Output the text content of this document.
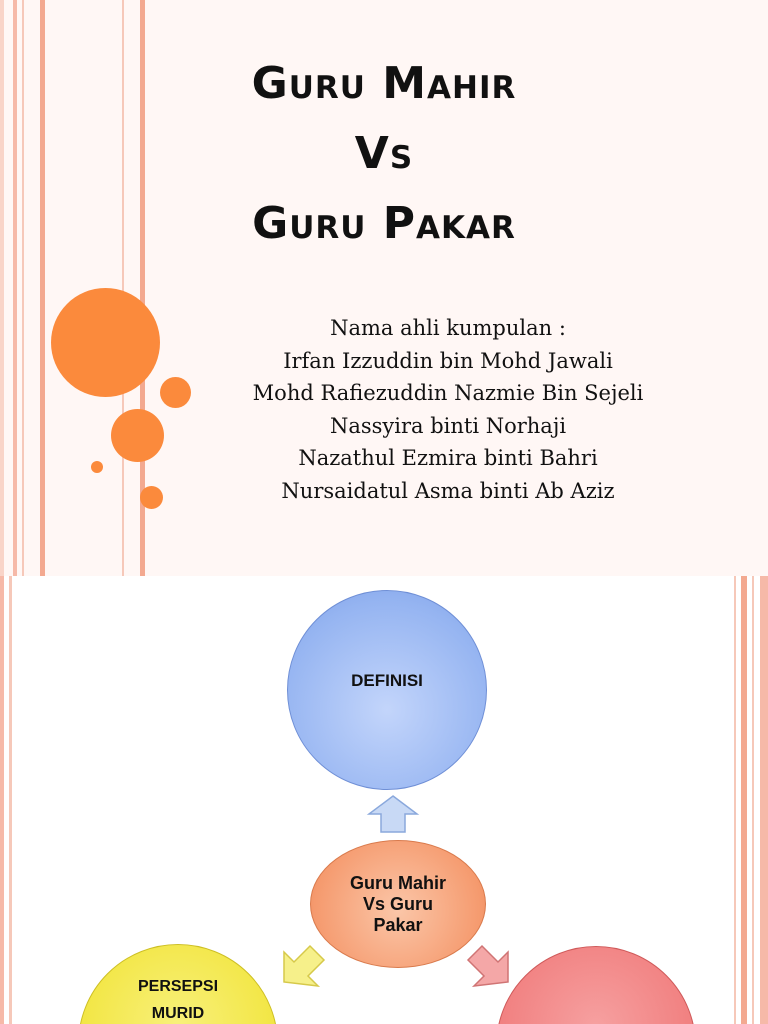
Guru Mahir
Vs
Guru Pakar
Nama ahli kumpulan :
Irfan Izzuddin bin Mohd Jawali
Mohd Rafiezuddin Nazmie Bin Sejeli
Nassyira binti Norhaji
Nazathul Ezmira binti Bahri
Nursaidatul Asma binti Ab Aziz
DEFINISI
Guru Mahir Vs Guru Pakar
PERSEPSI MURID
